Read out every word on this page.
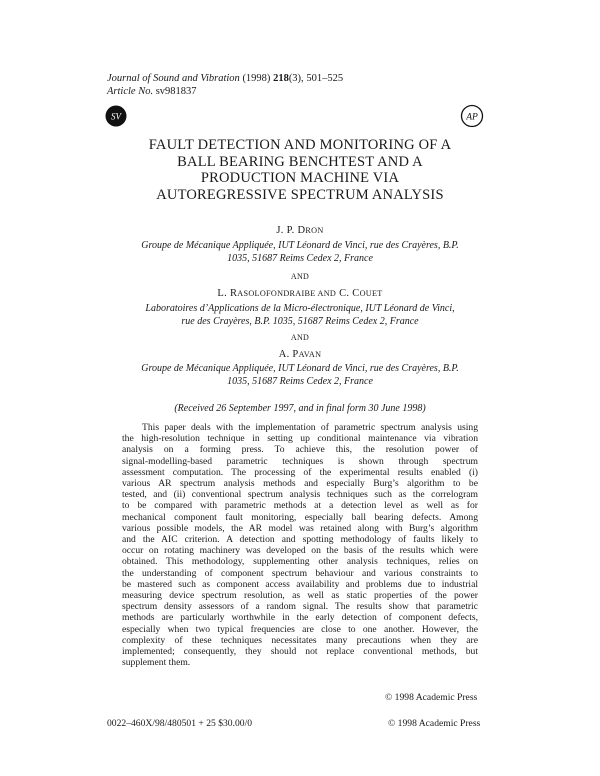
Journal of Sound and Vibration (1998) 218(3), 501–525
Article No. sv981837
SV	AP
FAULT DETECTION AND MONITORING OF A
BALL BEARING BENCHTEST AND A
PRODUCTION MACHINE VIA
AUTOREGRESSIVE SPECTRUM ANALYSIS
J. P. DRON
Groupe de Mécanique Appliquée, IUT Léonard de Vinci, rue des Crayères, B.P.
1035, 51687 Reims Cedex 2, France
AND
L. RASOLOFONDRAIBE AND C. COUET
Laboratoires d’Applications de la Micro-électronique, IUT Léonard de Vinci,
rue des Crayères, B.P. 1035, 51687 Reims Cedex 2, France
AND
A. PAVAN
Groupe de Mécanique Appliquée, IUT Léonard de Vinci, rue des Crayères, B.P.
1035, 51687 Reims Cedex 2, France
(Received 26 September 1997, and in final form 30 June 1998)
This paper deals with the implementation of parametric spectrum analysis using
the high-resolution technique in setting up conditional maintenance via vibration
analysis on a forming press. To achieve this, the resolution power of
signal-modelling-based parametric techniques is shown through spectrum
assessment computation. The processing of the experimental results enabled (i)
various AR spectrum analysis methods and especially Burg’s algorithm to be
tested, and (ii) conventional spectrum analysis techniques such as the correlogram
to be compared with parametric methods at a detection level as well as for
mechanical component fault monitoring, especially ball bearing defects. Among
various possible models, the AR model was retained along with Burg’s algorithm
and the AIC criterion. A detection and spotting methodology of faults likely to
occur on rotating machinery was developed on the basis of the results which were
obtained. This methodology, supplementing other analysis techniques, relies on
the understanding of component spectrum behaviour and various constraints to
be mastered such as component access availability and problems due to industrial
measuring device spectrum resolution, as well as static properties of the power
spectrum density assessors of a random signal. The results show that parametric
methods are particularly worthwhile in the early detection of component defects,
especially when two typical frequencies are close to one another. However, the
complexity of these techniques necessitates many precautions when they are
implemented; consequently, they should not replace conventional methods, but
supplement them.
© 1998 Academic Press
0022–460X/98/480501 + 25 $30.00/0	© 1998 Academic Press
